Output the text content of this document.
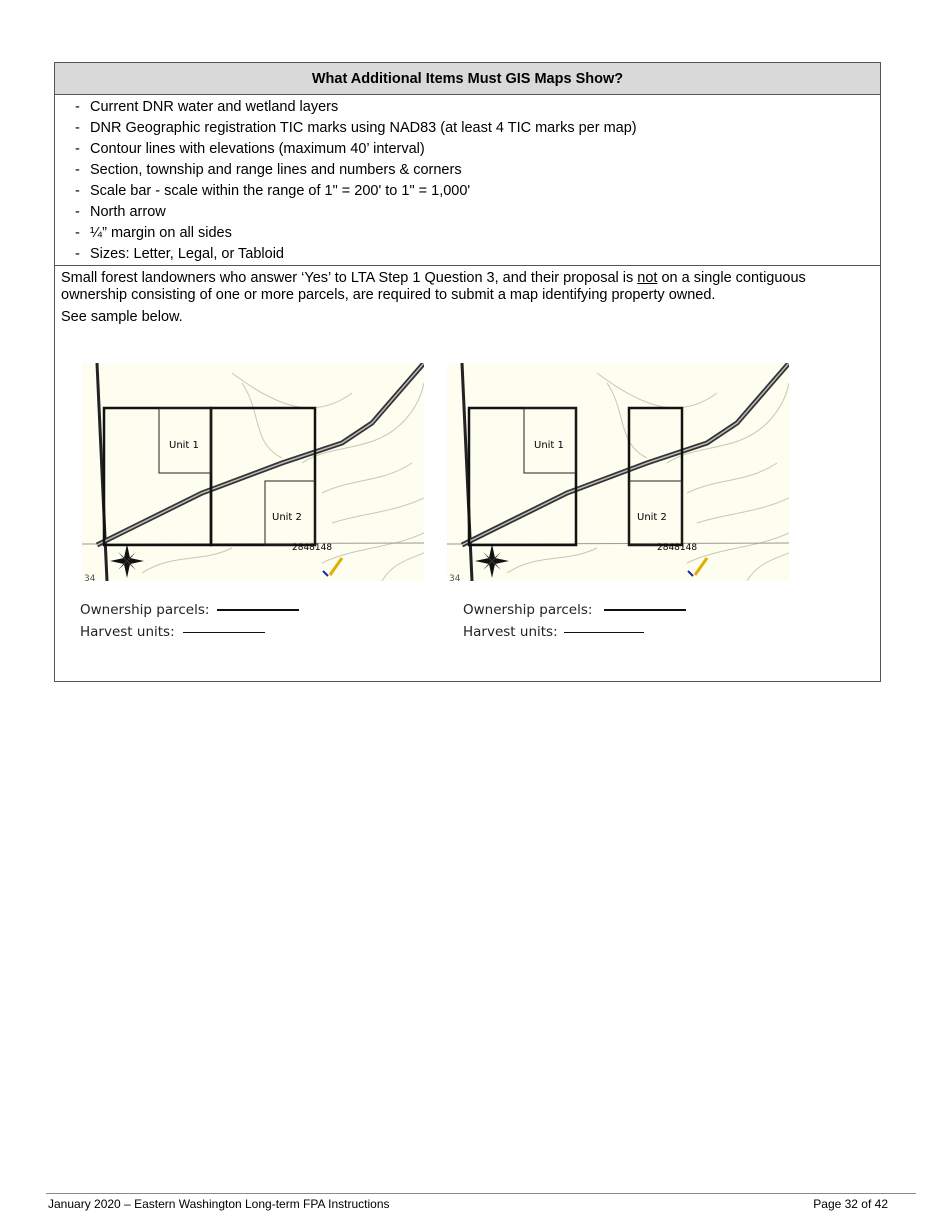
What Additional Items Must GIS Maps Show?
- Current DNR water and wetland layers
- DNR Geographic registration TIC marks using NAD83 (at least 4 TIC marks per map)
- Contour lines with elevations (maximum 40’ interval)
- Section, township and range lines and numbers & corners
- Scale bar - scale within the range of 1" = 200' to 1" = 1,000'
- North arrow
- ¼” margin on all sides
- Sizes: Letter, Legal, or Tabloid
Small forest landowners who answer ‘Yes’ to LTA Step 1 Question 3, and their proposal is not on a single contiguous ownership consisting of one or more parcels, are required to submit a map identifying property owned.
See sample below.
Unit 1
Unit 2
2848148
34
Ownership parcels:
Harvest units:
Unit 1
Unit 2
2848148
34
Ownership parcels:
Harvest units:
January 2020 – Eastern Washington Long-term FPA Instructions	Page 32 of 42
